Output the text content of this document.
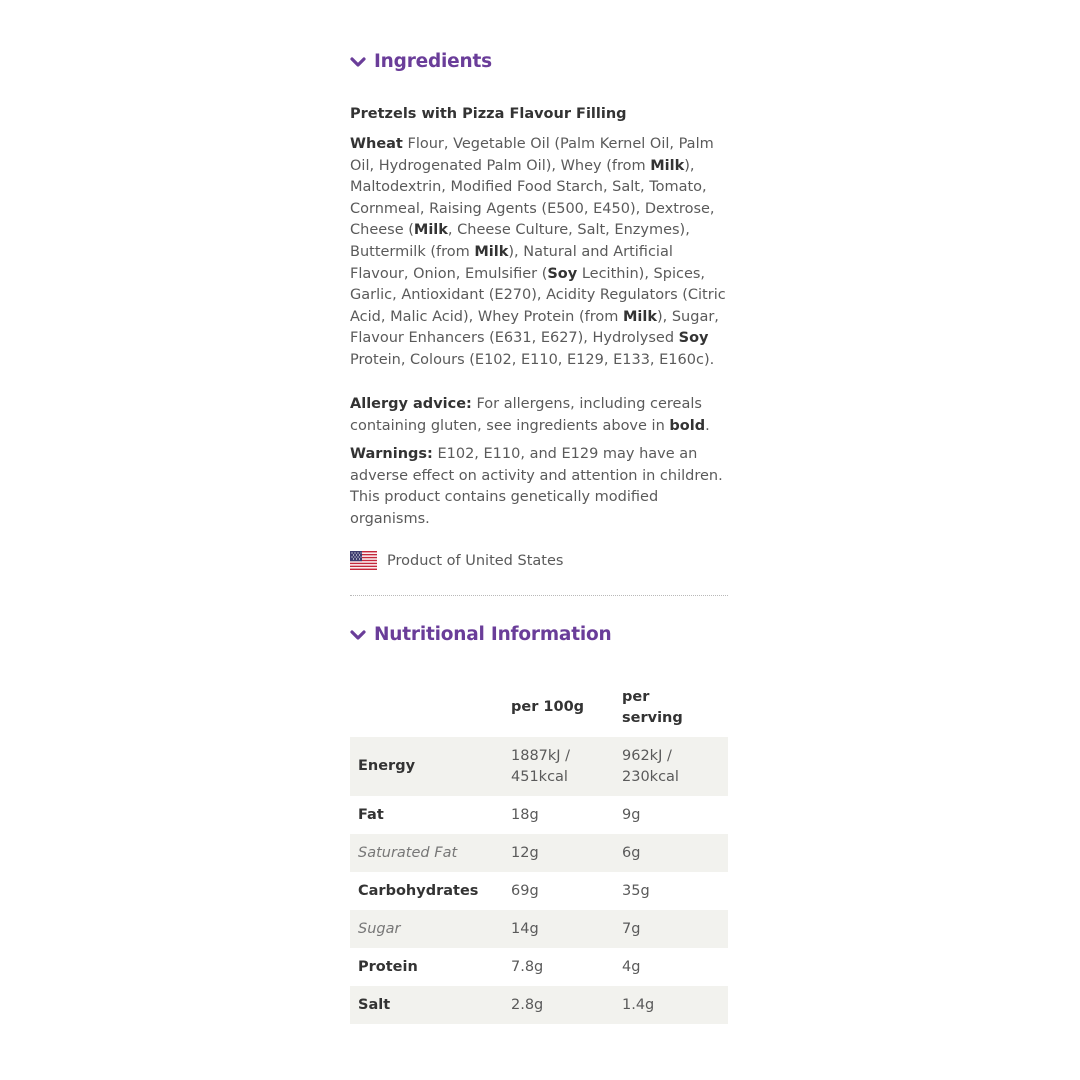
Ingredients
Pretzels with Pizza Flavour Filling

Wheat Flour, Vegetable Oil (Palm Kernel Oil, Palm Oil, Hydrogenated Palm Oil), Whey (from Milk), Maltodextrin, Modified Food Starch, Salt, Tomato, Cornmeal, Raising Agents (E500, E450), Dextrose, Cheese (Milk, Cheese Culture, Salt, Enzymes), Buttermilk (from Milk), Natural and Artificial Flavour, Onion, Emulsifier (Soy Lecithin), Spices, Garlic, Antioxidant (E270), Acidity Regulators (Citric Acid, Malic Acid), Whey Protein (from Milk), Sugar, Flavour Enhancers (E631, E627), Hydrolysed Soy Protein, Colours (E102, E110, E129, E133, E160c).

Allergy advice: For allergens, including cereals containing gluten, see ingredients above in bold.

Warnings: E102, E110, and E129 may have an adverse effect on activity and attention in children. This product contains genetically modified organisms.

Product of United States
Nutritional Information
	per 100g	per serving
Energy	1887kJ / 451kcal	962kJ / 230kcal
Fat	18g	9g
Saturated Fat	12g	6g
Carbohydrates	69g	35g
Sugar	14g	7g
Protein	7.8g	4g
Salt	2.8g	1.4g
